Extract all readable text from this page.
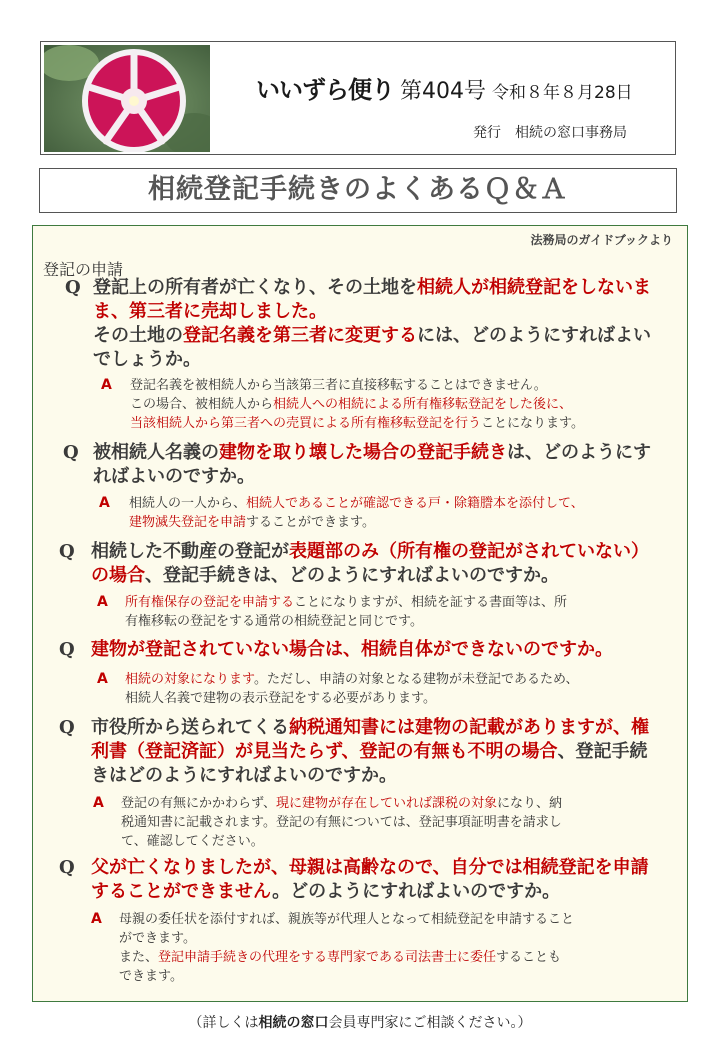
いいずら便り 第404号 令和８年８月28日
発行　相続の窓口事務局
相続登記手続きのよくあるＱ＆Ａ
法務局のガイドブックより
登記の申請
Q 登記上の所有者が亡くなり、その土地を相続人が相続登記をしないま
ま、第三者に売却しました。
その土地の登記名義を第三者に変更するには、どのようにすればよい
でしょうか。
A 登記名義を被相続人から当該第三者に直接移転することはできません。
この場合、被相続人から相続人への相続による所有権移転登記をした後に、
当該相続人から第三者への売買による所有権移転登記を行うことになります。
Q 被相続人名義の建物を取り壊した場合の登記手続きは、どのようにす
ればよいのですか。
A 相続人の一人から、相続人であることが確認できる戸・除籍謄本を添付して、
建物滅失登記を申請することができます。
Q 相続した不動産の登記が表題部のみ（所有権の登記がされていない）
の場合、登記手続きは、どのようにすればよいのですか。
A 所有権保存の登記を申請することになりますが、相続を証する書面等は、所
有権移転の登記をする通常の相続登記と同じです。
Q 建物が登記されていない場合は、相続自体ができないのですか。
A 相続の対象になります。ただし、申請の対象となる建物が未登記であるため、
相続人名義で建物の表示登記をする必要があります。
Q 市役所から送られてくる納税通知書には建物の記載がありますが、権
利書（登記済証）が見当たらず、登記の有無も不明の場合、登記手続
きはどのようにすればよいのですか。
A 登記の有無にかかわらず、現に建物が存在していれば課税の対象になり、納
税通知書に記載されます。登記の有無については、登記事項証明書を請求し
て、確認してください。
Q 父が亡くなりましたが、母親は高齢なので、自分では相続登記を申請
することができません。どのようにすればよいのですか。
A 母親の委任状を添付すれば、親族等が代理人となって相続登記を申請すること
ができます。
また、登記申請手続きの代理をする専門家である司法書士に委任することも
できます。
（詳しくは相続の窓口会員専門家にご相談ください。）
